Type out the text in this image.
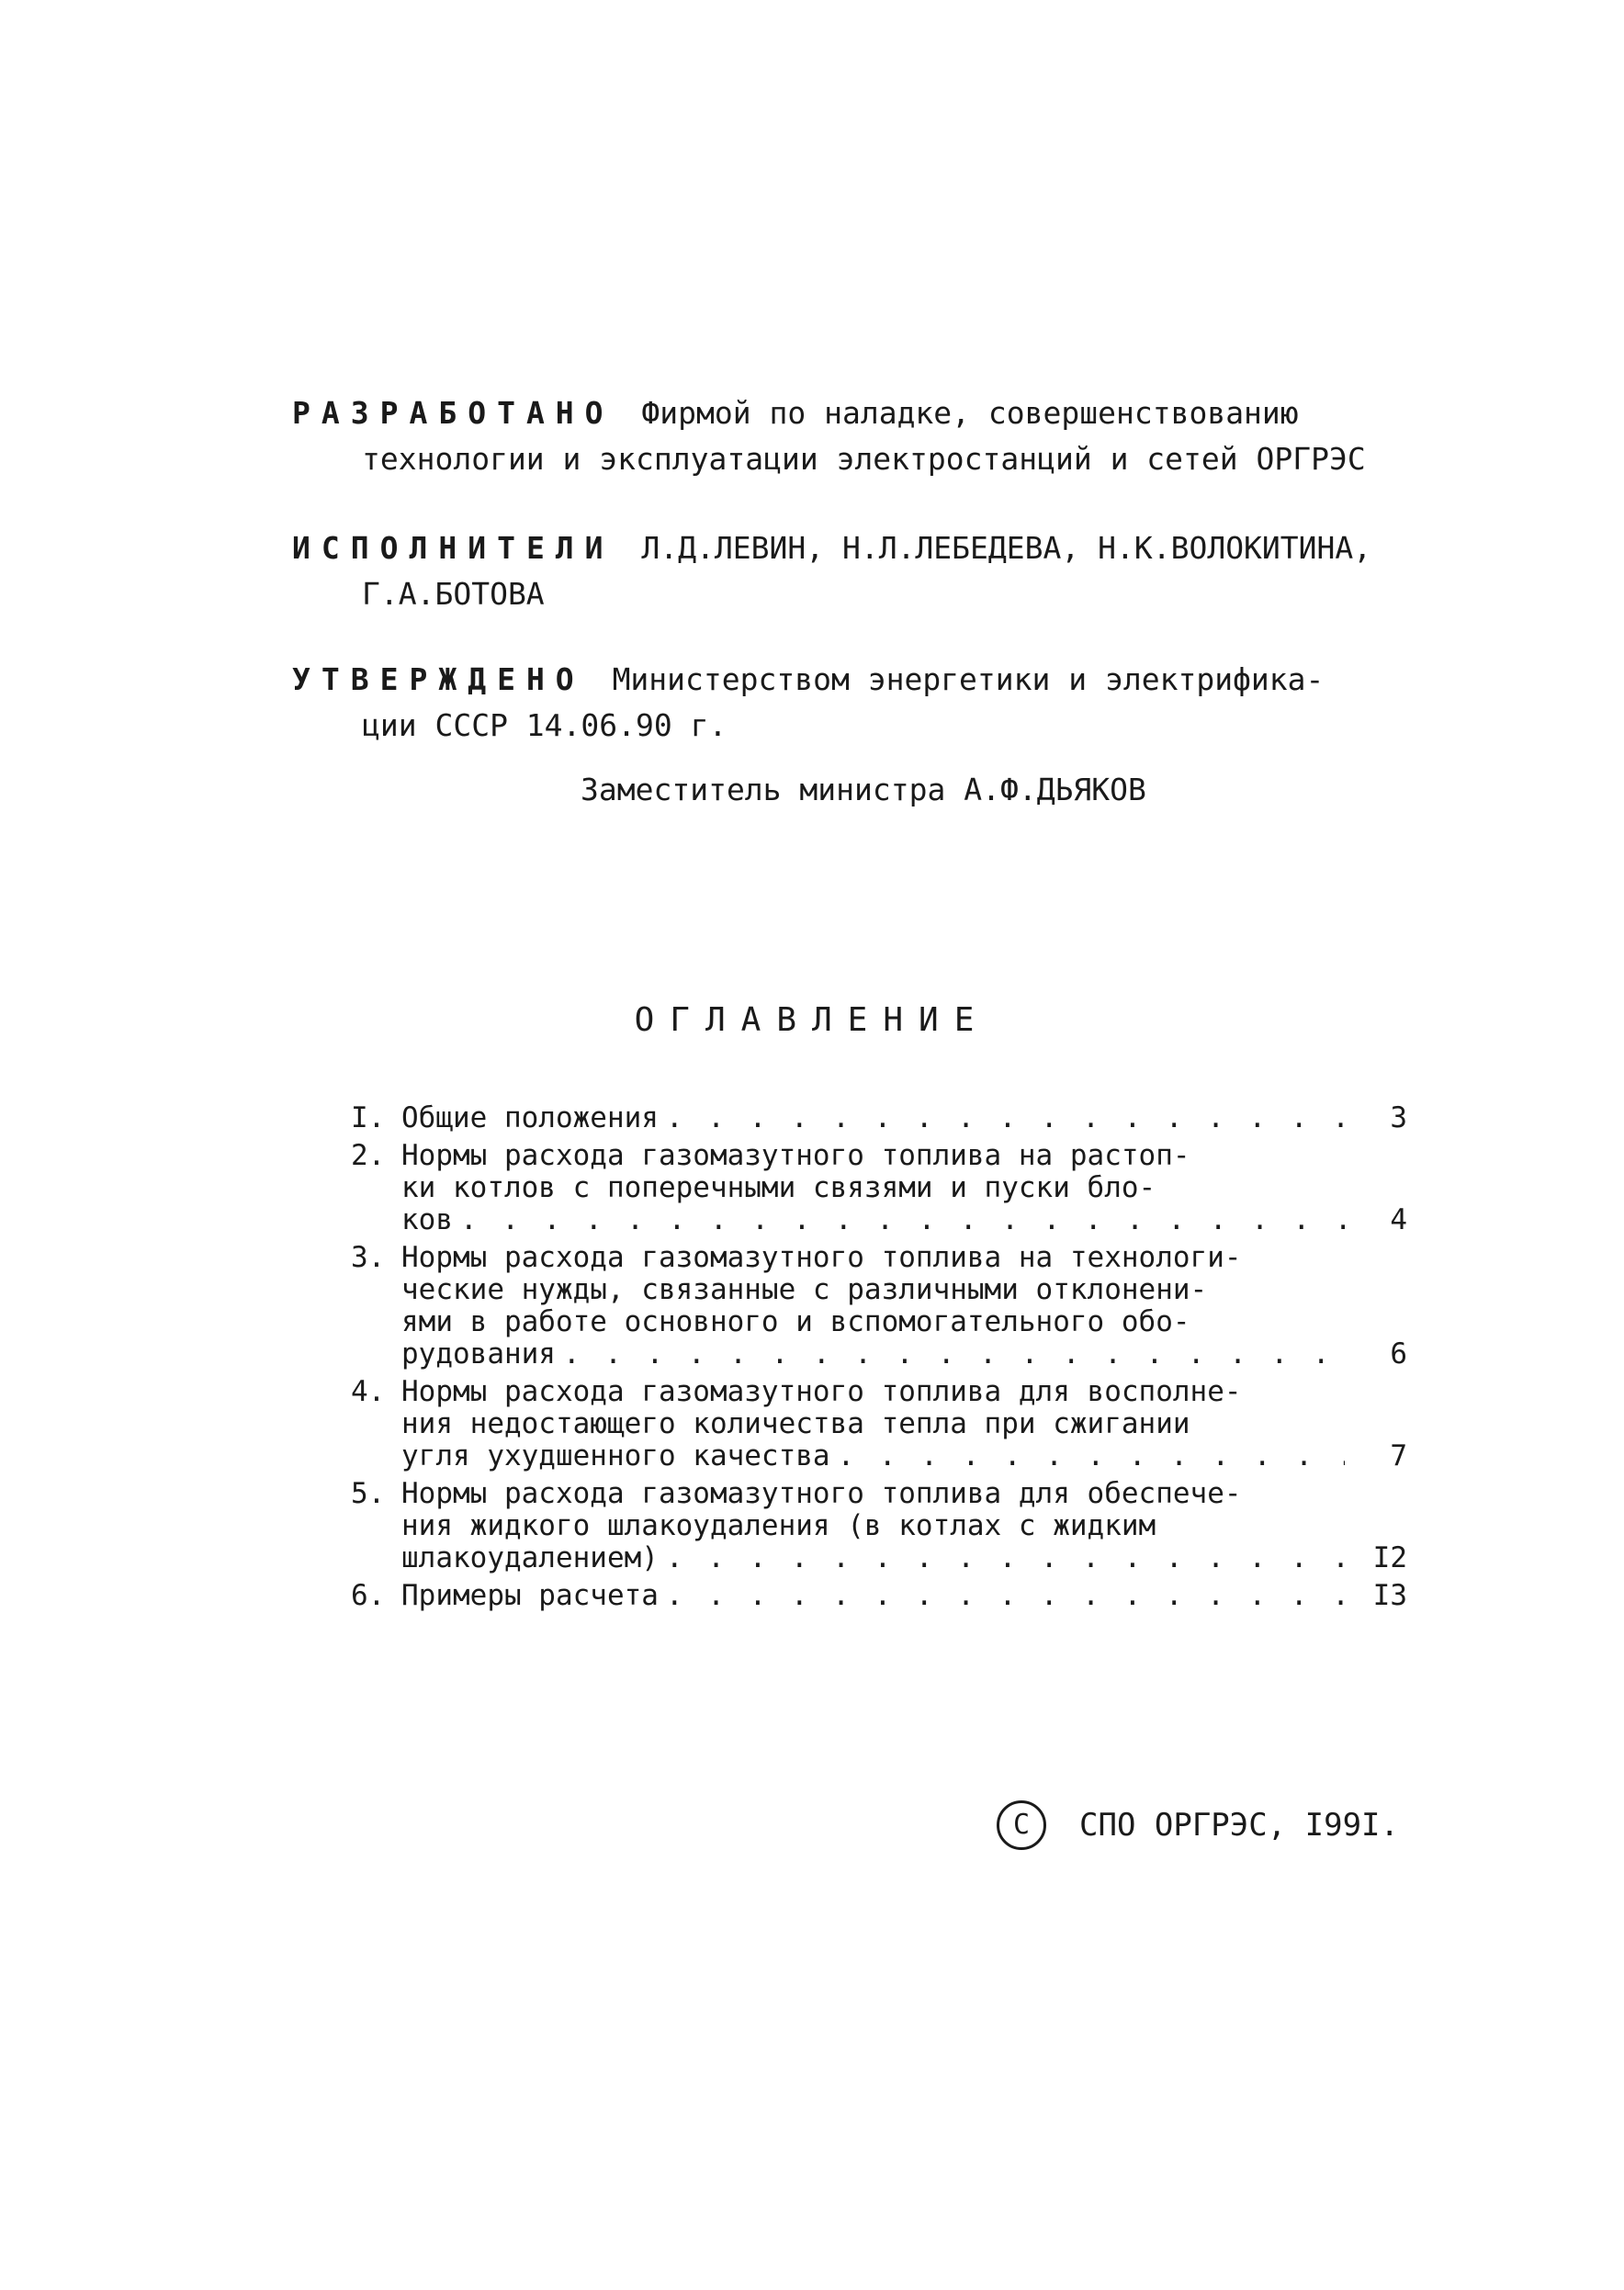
РАЗРАБОТАНО Фирмой по наладке, совершенствованию
технологии и эксплуатации электростанций и сетей ОРГРЭС
ИСПОЛНИТЕЛИ Л.Д.ЛЕВИН, Н.Л.ЛЕБЕДЕВА, Н.К.ВОЛОКИТИНА,
Г.А.БОТОВА
УТВЕРЖДЕНО Министерством энергетики и электрифика-
ции СССР 14.06.90 г.
Заместитель министра А.Ф.ДЬЯКОВ
ОГЛАВЛЕНИЕ
I. Общие положения . . .	3
2. Нормы расхода газомазутного топлива на растоп-
ки котлов с поперечными связями и пуски бло-
ков . . .	4
3. Нормы расхода газомазутного топлива на технологи-
ческие нужды, связанные с различными отклонени-
ями в работе основного и вспомогательного обо-
рудования . . .	6
4. Нормы расхода газомазутного топлива для восполне-
ния недостающего количества тепла при сжигании
угля ухудшенного качества . . .	7
5. Нормы расхода газомазутного топлива для обеспече-
ния жидкого шлакоудаления (в котлах с жидким
шлакоудалением) . . .	I2
6. Примеры расчета . . .	I3
С	СПО ОРГРЭС, I99I.
